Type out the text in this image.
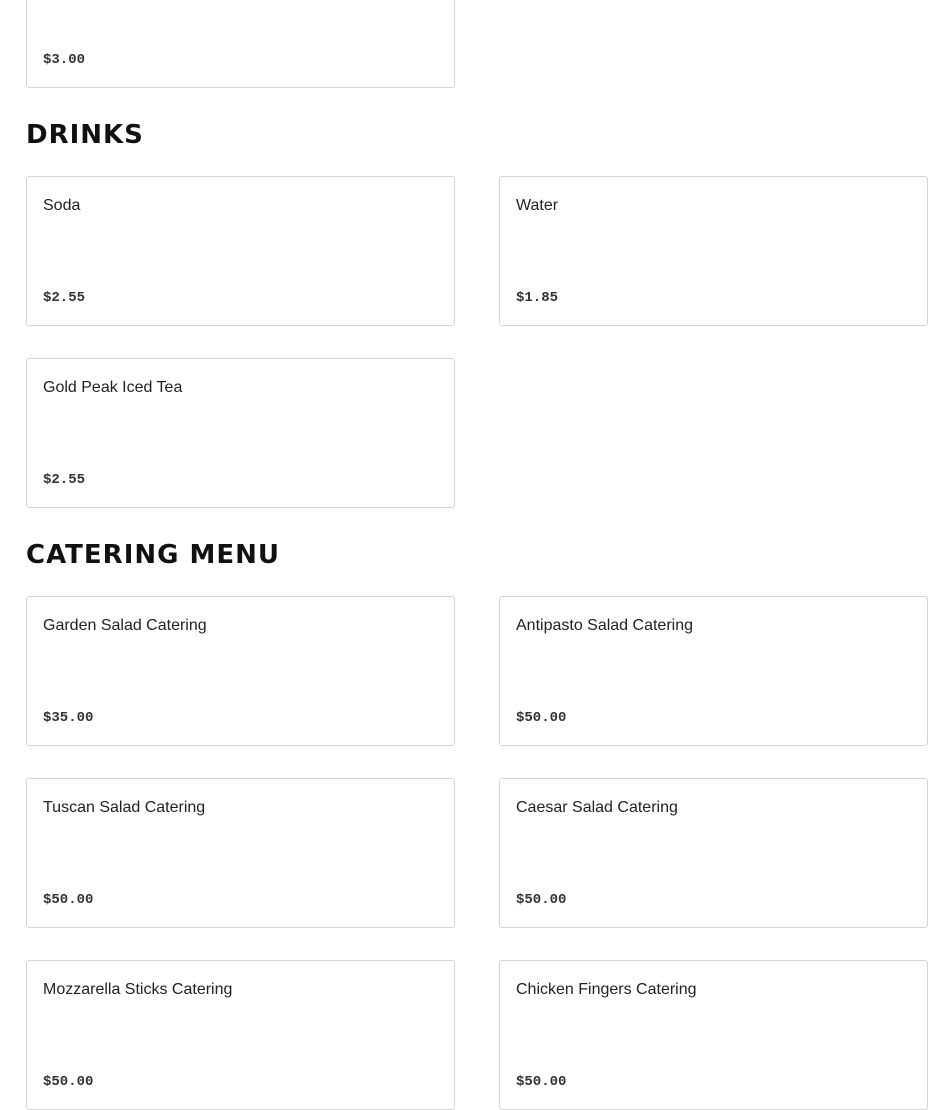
$3.00
DRINKS
Soda
$2.55
Water
$1.85
Gold Peak Iced Tea
$2.55
CATERING MENU
Garden Salad Catering
$35.00
Antipasto Salad Catering
$50.00
Tuscan Salad Catering
$50.00
Caesar Salad Catering
$50.00
Mozzarella Sticks Catering
$50.00
Chicken Fingers Catering
$50.00
